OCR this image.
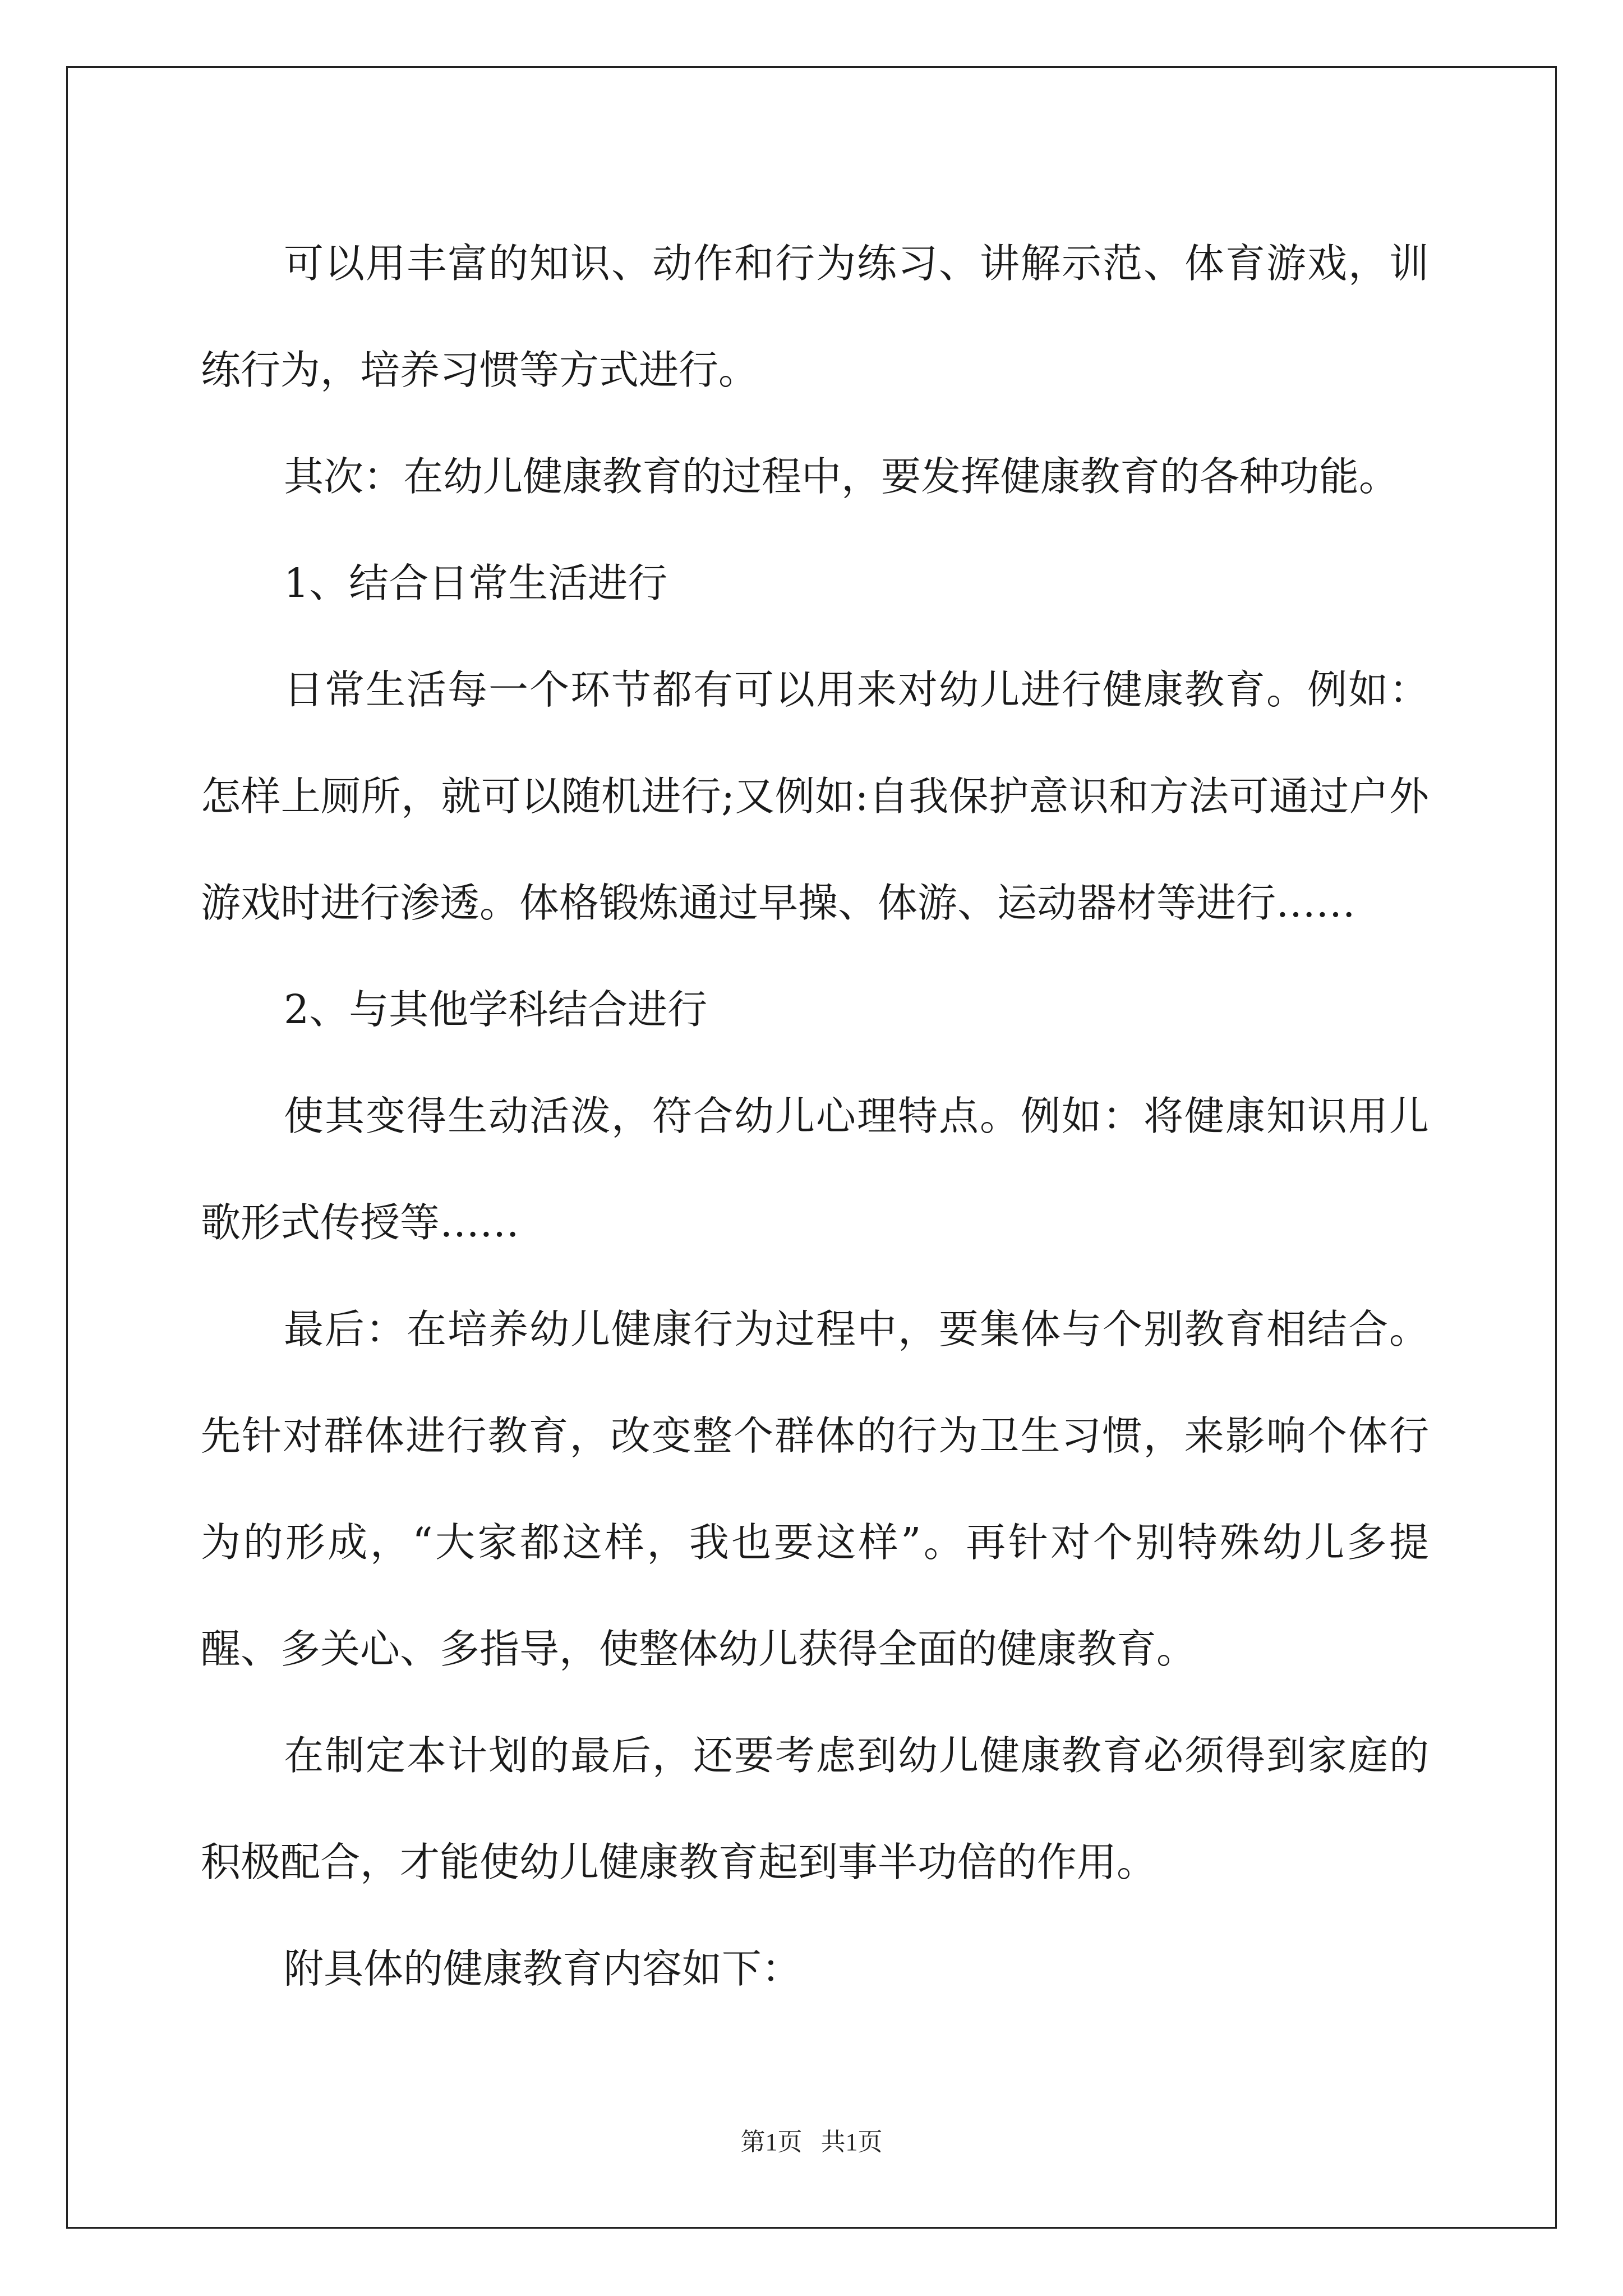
可以用丰富的知识、动作和行为练习、讲解示范、体育游戏，训练行为，培养习惯等方式进行。

其次：在幼儿健康教育的过程中，要发挥健康教育的各种功能。

1、结合日常生活进行

日常生活每一个环节都有可以用来对幼儿进行健康教育。例如：怎样上厕所，就可以随机进行;又例如:自我保护意识和方法可通过户外游戏时进行渗透。体格锻炼通过早操、体游、运动器材等进行……

2、与其他学科结合进行

使其变得生动活泼，符合幼儿心理特点。例如：将健康知识用儿歌形式传授等……

最后：在培养幼儿健康行为过程中，要集体与个别教育相结合。先针对群体进行教育，改变整个群体的行为卫生习惯，来影响个体行为的形成，“大家都这样，我也要这样”。再针对个别特殊幼儿多提醒、多关心、多指导，使整体幼儿获得全面的健康教育。

在制定本计划的最后，还要考虑到幼儿健康教育必须得到家庭的积极配合，才能使幼儿健康教育起到事半功倍的作用。

附具体的健康教育内容如下：

第1页   共1页
